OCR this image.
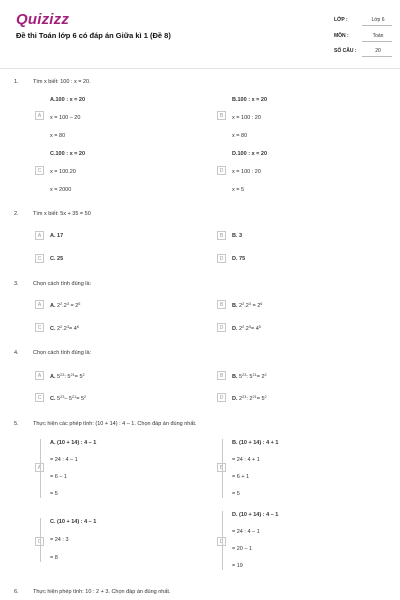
Quizizz
Đề thi Toán lớp 6 có đáp án Giữa kì 1 (Đề 8)
LỚP :	Lớp 6
MÔN :	Toán
SỐ CÂU :	20
1.	Tìm x biết: 100 : x = 20.
A
A.100 : x = 20
x = 100 – 20
x = 80
B
B.100 : x = 20
x = 100 : 20
x = 80
C
C.100 : x = 20
x = 100.20
x = 2000
D
D.100 : x = 20
x = 100 : 20
x = 5
2.	Tìm x biết: 5x + 35 = 50
A	A. 17	B	B. 3
C	C. 25	D	D. 75
3.	Chọn cách tính đúng là:
A	A. $2^2.2^3 = 2^5$	B	B. $2^2.2^3 = 2^6$
C	C. $2^2.2^3= 4^6$	D	D. $2^2.2^3= 4^5$
4.	Chọn cách tính đúng là:
A	A. $5^{23}$: $5^{21}= 5^2$	B	B. $5^{23}$: $5^{21}= 2^2$
C	C. $5^{23}-$ $5^{21}= 5^2$	D	D. $2^{23}$: $2^{21}= 5^2$
5.	Thực hiện các phép tính: (10 + 14) : 4 – 1. Chọn đáp án đúng nhất.
A
A. (10 + 14) : 4 – 1
= 24 : 4 – 1
= 6 – 1
= 5
B
B. (10 + 14) : 4 + 1
= 24 : 4 + 1
= 6 + 1
= 5
C
C. (10 + 14) : 4 – 1
= 24 : 3
= 8
D
D. (10 + 14) : 4 – 1
= 24 : 4 – 1
= 20 – 1
= 19
6.	Thực hiện phép tính: 10 : 2 + 3. Chọn đáp án đúng nhất.
